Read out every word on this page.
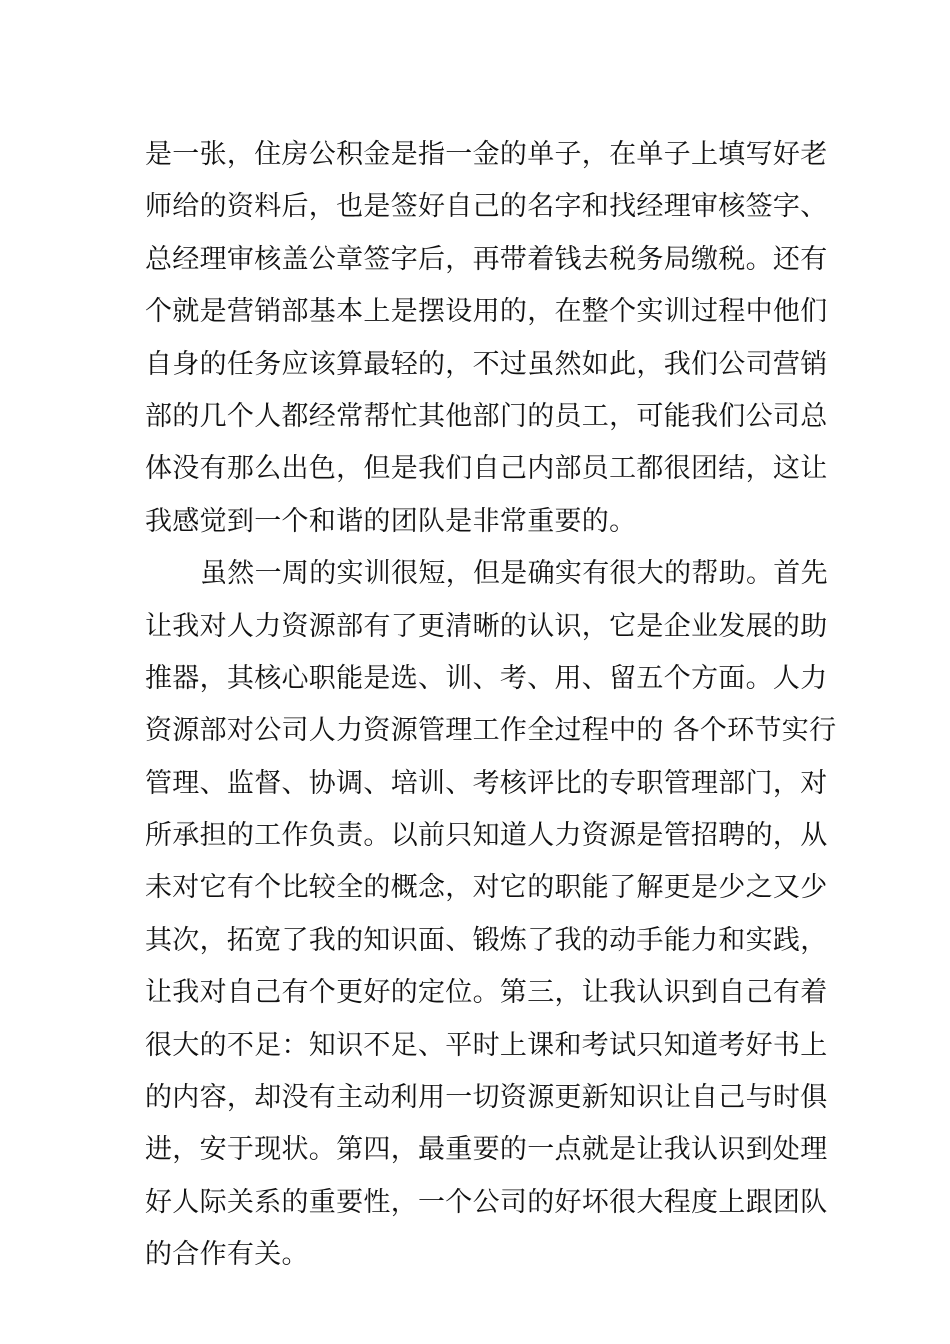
是一张，住房公积金是指一金的单子，在单子上填写好老
师给的资料后，也是签好自己的名字和找经理审核签字、
总经理审核盖公章签字后，再带着钱去税务局缴税。还有
个就是营销部基本上是摆设用的，在整个实训过程中他们
自身的任务应该算最轻的，不过虽然如此，我们公司营销
部的几个人都经常帮忙其他部门的员工，可能我们公司总
体没有那么出色，但是我们自己内部员工都很团结，这让
我感觉到一个和谐的团队是非常重要的。
虽然一周的实训很短，但是确实有很大的帮助。首先
让我对人力资源部有了更清晰的认识，它是企业发展的助
推器，其核心职能是选、训、考、用、留五个方面。人力
资源部对公司人力资源管理工作全过程中的 各个环节实行
管理、监督、协调、培训、考核评比的专职管理部门，对
所承担的工作负责。以前只知道人力资源是管招聘的，从
未对它有个比较全的概念，对它的职能了解更是少之又少
其次，拓宽了我的知识面、锻炼了我的动手能力和实践，
让我对自己有个更好的定位。第三，让我认识到自己有着
很大的不足：知识不足、平时上课和考试只知道考好书上
的内容，却没有主动利用一切资源更新知识让自己与时俱
进，安于现状。第四，最重要的一点就是让我认识到处理
好人际关系的重要性，一个公司的好坏很大程度上跟团队
的合作有关。
